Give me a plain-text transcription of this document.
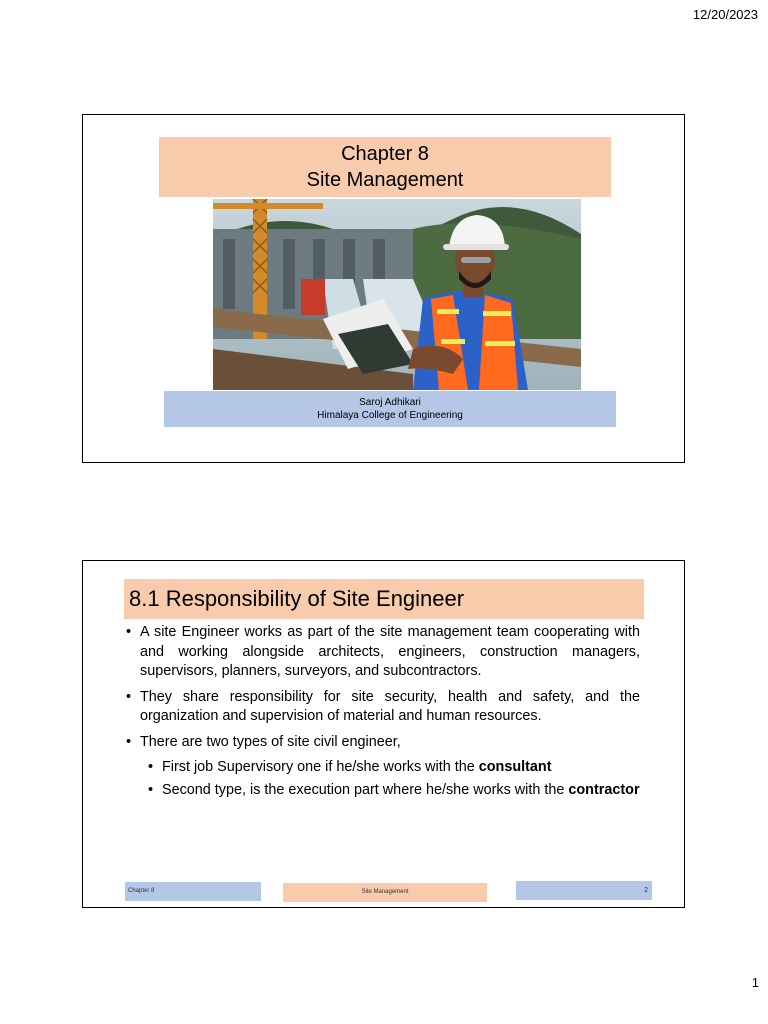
12/20/2023
Chapter 8
Site Management
Saroj Adhikari
Himalaya College of Engineering
8.1 Responsibility of Site Engineer
• A site Engineer works as part of the site management team cooperating with and working alongside architects, engineers, construction managers, supervisors, planners, surveyors, and subcontractors.
• They share responsibility for site security, health and safety, and the organization and supervision of material and human resources.
• There are two types of site civil engineer,
• First job Supervisory one if he/she works with the consultant
• Second type, is the execution part where he/she works with the contractor
Chapter 8	Site Management	2
1
